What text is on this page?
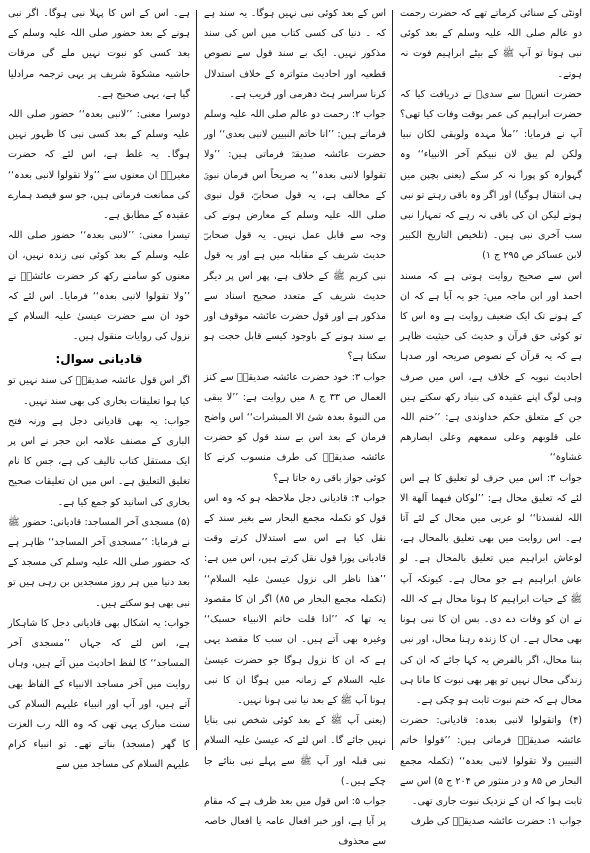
اونٹی کے سنائی کرماتے تھے کہ حضرت رحمت دو عالم صلی اللہ علیہ وسلم کے بعد کوئی نبی ہوتا تو آپ ﷺ کے بیٹے ابراہیم فوت نہ ہوتے۔

حضرت انسؓ سے سدیؒ نے دریافت کیا کہ حضرت ابراہیم کی عمر بوقت وفات کیا تھی؟ آپ نے فرمایا: ’’ملأ مہدہ ولوبقی لکان نبیا ولکن لم یبق لان نبیکم آخر الانبیاء‘‘ وہ گہوارہ کو پورا نہ کر سکے (یعنی بچپن میں ہی انتقال ہوگیا) اور اگر وہ باقی رہتے تو نبی ہوتے لیکن ان کی باقی نہ رہے کہ تمہارا نبی سب آخری نبی ہیں۔ (تلخیص التاریخ الکبیر لابن عساکر ص ۲۹۵ ج ۱)

اس سے صحیح روایت ہوتی ہے کہ مسند احمد اور ابن ماجہ میں: جو یہ آیا ہے کہ ان کے ہونے تک ایک ضعیف روایت ہے وہ اس کا تو کوئی حق قرآن و حدیث کی حیثیت ظاہر ہے کہ یہ قرآن کے نصوص صریحہ اور صدہا احادیث نبویہ کے خلاف ہے، اس میں صرف وہی لوگ اپنے عقیدہ کی بنیاد رکھ سکتے ہیں جن کے متعلق حکم خداوندی ہے: ’’ختم اللہ علی قلوبهم وعلی سمعهم وعلی ابصارهم غشاوة‘‘

جواب ۳: اس میں حرف لو تعلیق کا ہے اس لئے کہ تعلیق محال ہے: ’’لوکان فیهما آلهة الا اللہ لفسدتا‘‘ لو عربی میں محال کے لئے آتا ہے۔ اس روایت میں بھی تعلیق بالمحال ہے، لوعاش ابراہیم میں تعلیق بالمحال ہے۔ لو عاش ابراہیم ہے جو محال ہے۔ کیونکہ آپ ﷺ کے حیات ابراہیم کا ہونا محال ہے کہ اللہ نے ان کو وفات دے دی۔ بس ان کا نبی ہونا بھی محال ہے۔ ان کا زندہ رہنا محال، اور نبی بننا محال، اگر بالفرض یہ کہا جائے کہ ان کی زندگی محال نہیں تو پھر بھی نبوت کا مانا ہی محال ہے کہ ختم نبوت ثابت ہو چکی ہے۔

(۴) واتقولوا لانبی بعدہ: قادیانی: حضرت عائشہ صدیقہؓ فرماتی ہیں: ’’قولوا خاتم النبیین ولا تقولوا لانبی بعدہ‘‘ (تکملہ مجمع البحار ص ۸۵ و در منثور ص ۲۰۴ ج ۵) اس سے ثابت ہوا کہ ان کے نزدیک نبوت جاری تھی۔

جواب ۱: حضرت عائشہ صدیقہؓ کی طرف

اس کے بعد کوئی نبی نہیں ہوگا۔ یہ سند ہے کہ ۔ دنیا کی کسی کتاب میں اس کی سند مذکور نہیں۔ ایک بے سند قول سے نصوص قطعیہ اور احادیث متواترہ کے خلاف استدلال کرنا سراسر ہٹ دھرمی اور فریب ہے۔

جواب ۲: رحمت دو عالم صلی اللہ علیہ وسلم فرماتے ہیں: ’’انا خاتم النبیین لانبی بعدی‘‘ اور حضرت عائشہ صدیقہؓ فرماتی ہیں: ’’ولا تقولوا لانبی بعدہ‘‘ یہ صریحاً اس فرمان نبویؐ کے مخالف ہے، یہ قول صحابیؓ، قول نبوی صلی اللہ علیہ وسلم کے معارض ہونے کی وجہ سے قابل عمل نہیں۔ یہ قول صحابیؓ حدیث شریف کے مقابلہ میں ہے اور یہ قول نبی کریم ﷺ کے خلاف ہے، پھر اس پر دیگر حدیث شریف کے متعدد صحیح اسناد سے مذکور ہے اور قول حضرت عائشہ موقوف اور بے سند ہونے کے باوجود کیسے قابل حجت ہو سکتا ہے؟

جواب ۳: خود حضرت عائشہ صدیقہؓ سے کنز العمال ص ۳۳ ج ۸ میں روایت ہے: ’’لا یبقی من النبوۃ بعدہ شئ الا المبشرات‘‘ اس واضح فرمان کے بعد اس بے سند قول کو حضرت عائشہ صدیقہؓ کی طرف منسوب کرنے کا کوئی جواز باقی رہ جاتا ہے؟

جواب ۴: قادیانی دجل ملاحظہ ہو کہ وہ اس قول کو تکملہ مجمع البحار سے بغیر سند کے نقل کیا ہے اس سے استدلال کرتے وقت قادیانی پورا قول نقل کرتے ہیں، اس میں ہے: ’’ھذا ناظر الی نزول عیسیٰ علیہ السلام‘‘ (تکملہ مجمع البحار ص ۸۵) اگر ان کا مقصود یہ تھا کہ ’’اذا قلت خاتم الانبیاء حسبک‘‘ وغیرہ بھی آتے ہیں۔ ان سب کا مقصد یہی ہے کہ ان کا نزول ہوگا جو حضرت عیسیٰ علیہ السلام کے زمانہ میں ہوگا ان کا نبی ہونا آپ ﷺ کے بعد نیا نبی ہونا نہیں۔

(یعنی آپ ﷺ کے بعد کوئی شخص نبی بنایا نہیں جائے گا۔ اس لئے کہ عیسیٰ علیہ السلام نبی قبلہ اور آپ ﷺ سے پہلے نبی بنائے جا چکے ہیں۔)

جواب ۵: اس قول میں بعد ظرف ہے کہ مقام پر آیا ہے، اور خبر افعال عامہ یا افعال خاصہ سے محذوف

ہے۔ اس کے اس کا پہلا نبی ہوگا۔ اگر نبی ہونے کے بعد حضور صلی اللہ علیہ وسلم کے بعد کسی کو نبوت نہیں ملے گی مرقات حاشیہ مشکوۃ شریف پر یہی ترجمہ مرادلیا گیا ہے، یہی صحیح ہے۔

دوسرا معنی: ’’لانبی بعدہ‘‘ حضور صلی اللہ علیہ وسلم کے بعد کسی نبی کا ظہور نہیں ہوگا۔ یہ غلط ہے، اس لئے کہ حضرت مغیرہؓ ان معنوں سے ’’ولا تقولوا لانبی بعدہ‘‘ کی ممانعت فرماتی ہیں، جو سو فیصد ہمارے عقیدہ کے مطابق ہے۔

تیسرا معنی: ’’لانبی بعدہ‘‘ حضور صلی اللہ علیہ وسلم کے بعد کوئی نبی زندہ نہیں، ان معنوں کو سامنے رکھ کر حضرت عائشہؓ نے ’’ولا تقولوا لانبی بعدہ‘‘ فرمایا۔ اس لئے کہ خود ان سے حضرت عیسیٰ علیہ السلام کے نزول کی روایات منقول ہیں۔

قادیانی سوال:

اگر اس قول عائشہ صدیقہؓ کی سند نہیں تو کیا ہوا تعلیقات بخاری کی بھی سند نہیں۔

جواب: یہ بھی قادیانی دجل ہے ورنہ فتح الباری کے مصنف علامہ ابن حجر نے اس پر ایک مستقل کتاب تالیف کی ہے، جس کا نام تغلیق التعلیق ہے۔ اس میں ان تعلیقات صحیح بخاری کی اسانید کو جمع کیا ہے۔

(۵) مسجدی آخر المساجد: قادیانی: حضور ﷺ نے فرمایا: ’’مسجدی آخر المساجد‘‘ ظاہر ہے کہ حضور صلی اللہ علیہ وسلم کی مسجد کے بعد دنیا میں ہر روز مسجدیں بن رہی ہیں تو نبی بھی ہو سکتے ہیں۔

جواب: یہ اشکال بھی قادیانی دجل کا شاہکار ہے، اس لئے کہ جہاں ’’مسجدی آخر المساجد‘‘ کا لفظ احادیث میں آئے ہیں، وہاں روایت میں آخر مساجد الانبیاء کے الفاظ بھی آتے ہیں، اور آپ اور انبیاء علیہم السلام کی سنت مبارک یہی تھی کہ وہ اللہ رب العزت کا گھر (مسجد) بناتے تھے۔ تو انبیاء کرام علیہم السلام کی مساجد میں سے
